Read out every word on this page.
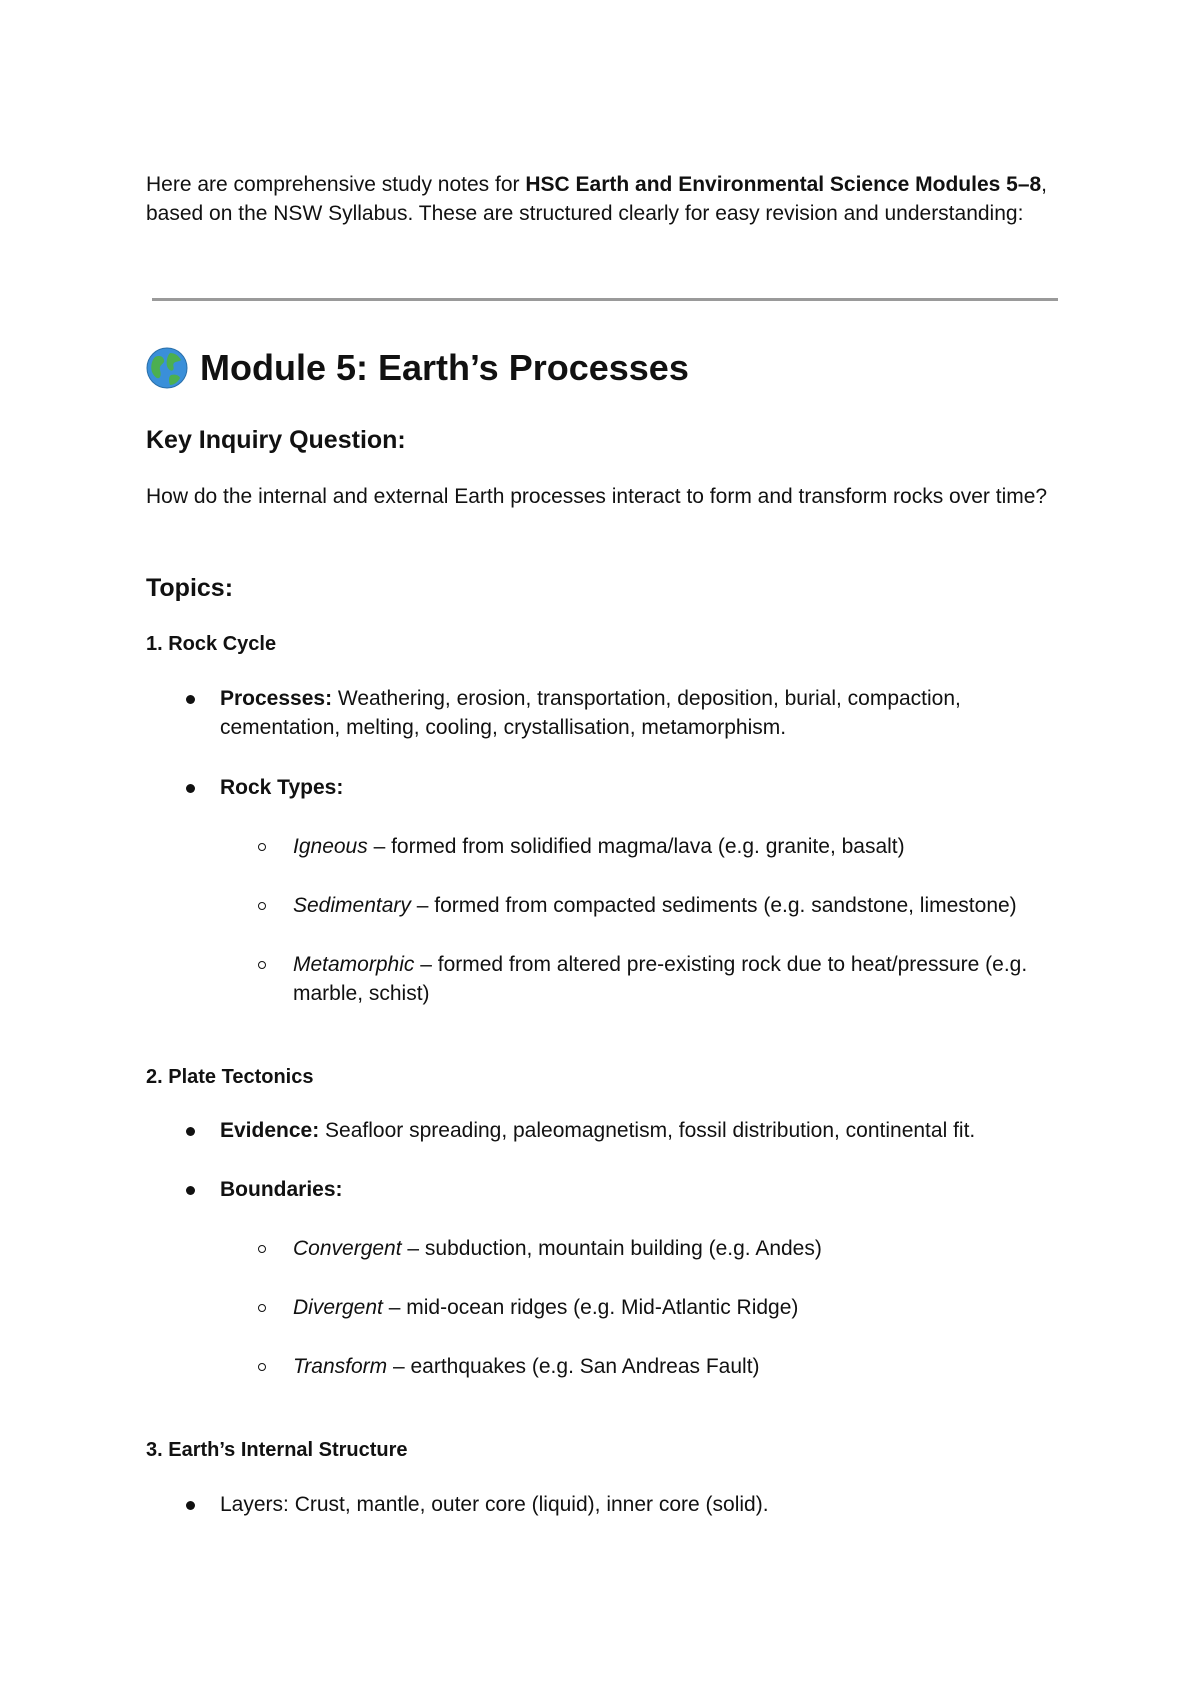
Here are comprehensive study notes for HSC Earth and Environmental Science Modules 5–8, based on the NSW Syllabus. These are structured clearly for easy revision and understanding:

Module 5: Earth’s Processes
Key Inquiry Question:

How do the internal and external Earth processes interact to form and transform rocks over time?

Topics:
1. Rock Cycle

Processes: Weathering, erosion, transportation, deposition, burial, compaction, cementation, melting, cooling, crystallisation, metamorphism.

Rock Types:

Igneous – formed from solidified magma/lava (e.g. granite, basalt)

Sedimentary – formed from compacted sediments (e.g. sandstone, limestone)

Metamorphic – formed from altered pre-existing rock due to heat/pressure (e.g. marble, schist)

2. Plate Tectonics

Evidence: Seafloor spreading, paleomagnetism, fossil distribution, continental fit.

Boundaries:

Convergent – subduction, mountain building (e.g. Andes)

Divergent – mid-ocean ridges (e.g. Mid-Atlantic Ridge)

Transform – earthquakes (e.g. San Andreas Fault)

3. Earth’s Internal Structure

Layers: Crust, mantle, outer core (liquid), inner core (solid).
